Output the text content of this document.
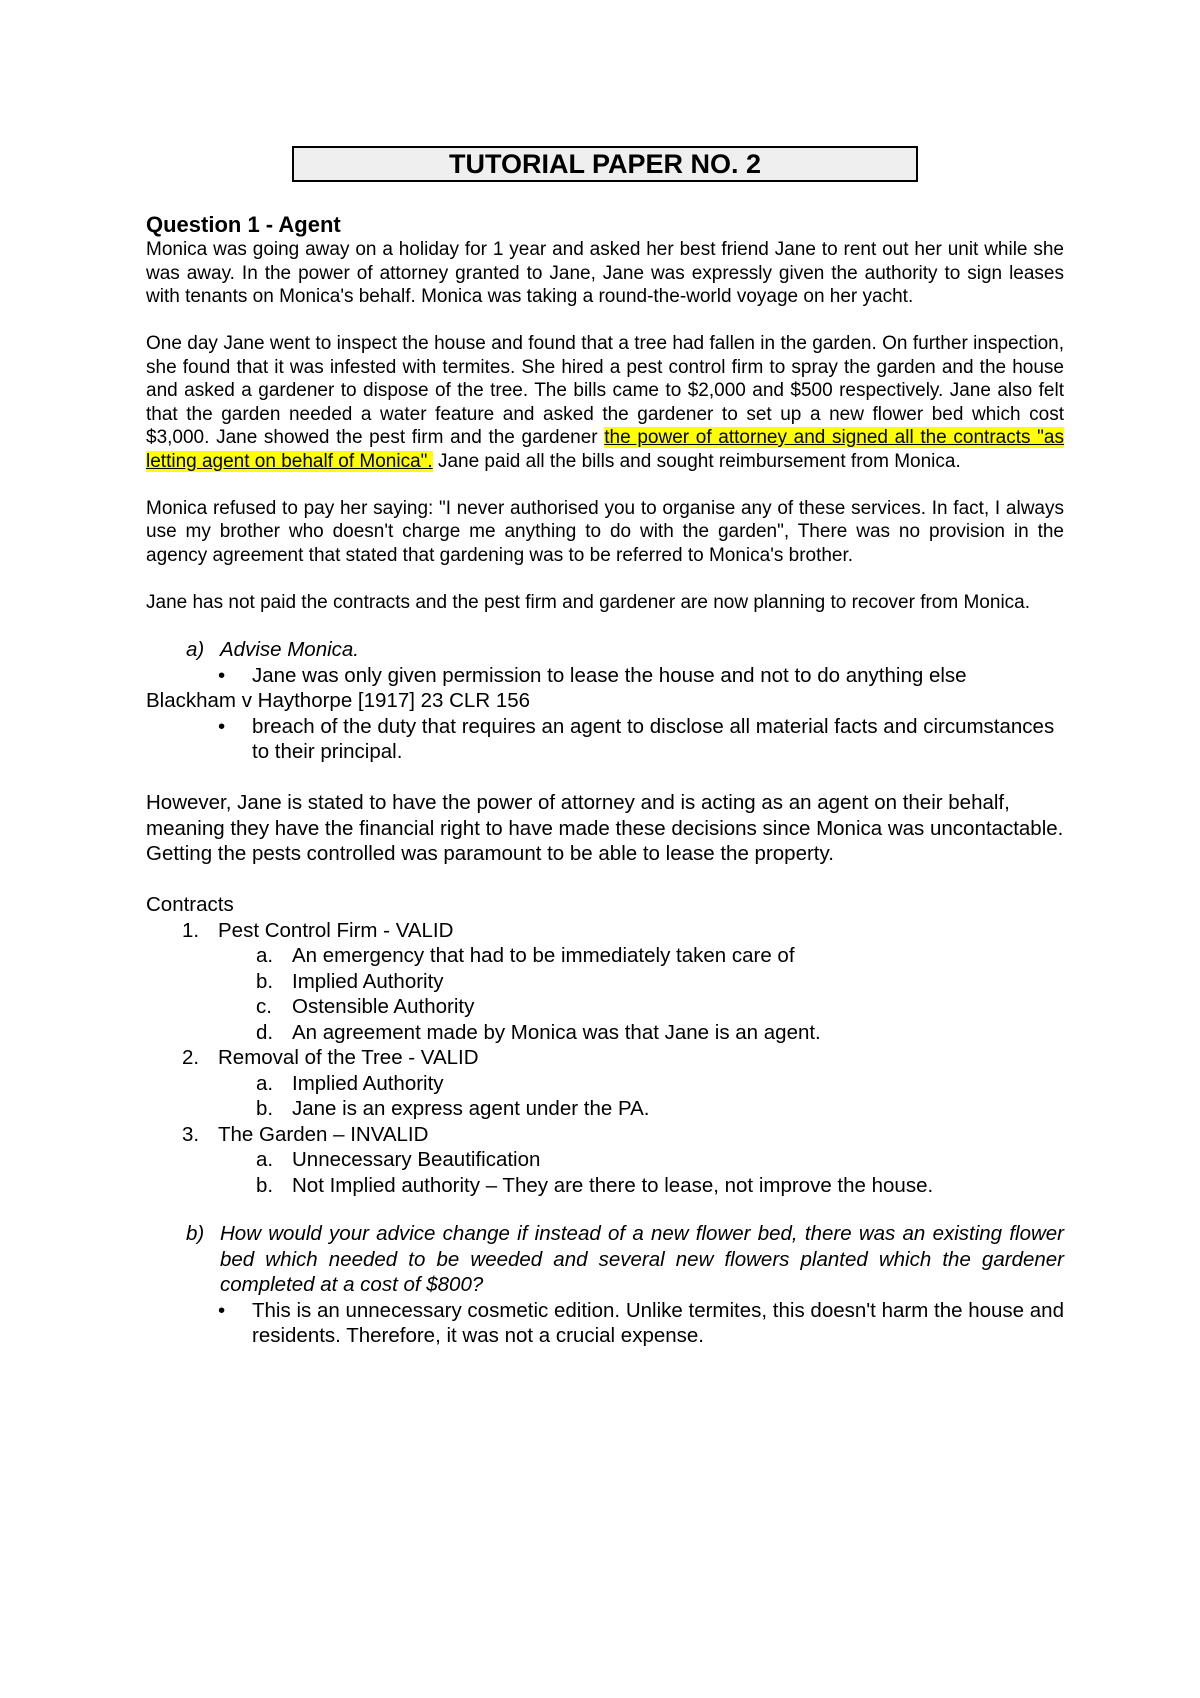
TUTORIAL PAPER NO. 2
Question 1 - Agent

Monica was going away on a holiday for 1 year and asked her best friend Jane to rent out her unit while she was away. In the power of attorney granted to Jane, Jane was expressly given the authority to sign leases with tenants on Monica's behalf. Monica was taking a round-the-world voyage on her yacht.

One day Jane went to inspect the house and found that a tree had fallen in the garden. On further inspection, she found that it was infested with termites. She hired a pest control firm to spray the garden and the house and asked a gardener to dispose of the tree. The bills came to $2,000 and $500 respectively. Jane also felt that the garden needed a water feature and asked the gardener to set up a new flower bed which cost $3,000. Jane showed the pest firm and the gardener the power of attorney and signed all the contracts "as letting agent on behalf of Monica". Jane paid all the bills and sought reimbursement from Monica.

Monica refused to pay her saying: "I never authorised you to organise any of these services. In fact, I always use my brother who doesn't charge me anything to do with the garden", There was no provision in the agency agreement that stated that gardening was to be referred to Monica's brother.

Jane has not paid the contracts and the pest firm and gardener are now planning to recover from Monica.

a) Advise Monica.
•	Jane was only given permission to lease the house and not to do anything else
Blackham v Haythorpe [1917] 23 CLR 156
•	breach of the duty that requires an agent to disclose all material facts and circumstances to their principal.
However, Jane is stated to have the power of attorney and is acting as an agent on their behalf, meaning they have the financial right to have made these decisions since Monica was uncontactable. Getting the pests controlled was paramount to be able to lease the property.
Contracts
1. Pest Control Firm - VALID
a. An emergency that had to be immediately taken care of
b. Implied Authority
c. Ostensible Authority
d. An agreement made by Monica was that Jane is an agent.
2. Removal of the Tree - VALID
a. Implied Authority
b. Jane is an express agent under the PA.
3. The Garden – INVALID
a. Unnecessary Beautification
b. Not Implied authority – They are there to lease, not improve the house.
b) How would your advice change if instead of a new flower bed, there was an existing flower bed which needed to be weeded and several new flowers planted which the gardener completed at a cost of $800?
•	This is an unnecessary cosmetic edition. Unlike termites, this doesn't harm the house and residents. Therefore, it was not a crucial expense.
